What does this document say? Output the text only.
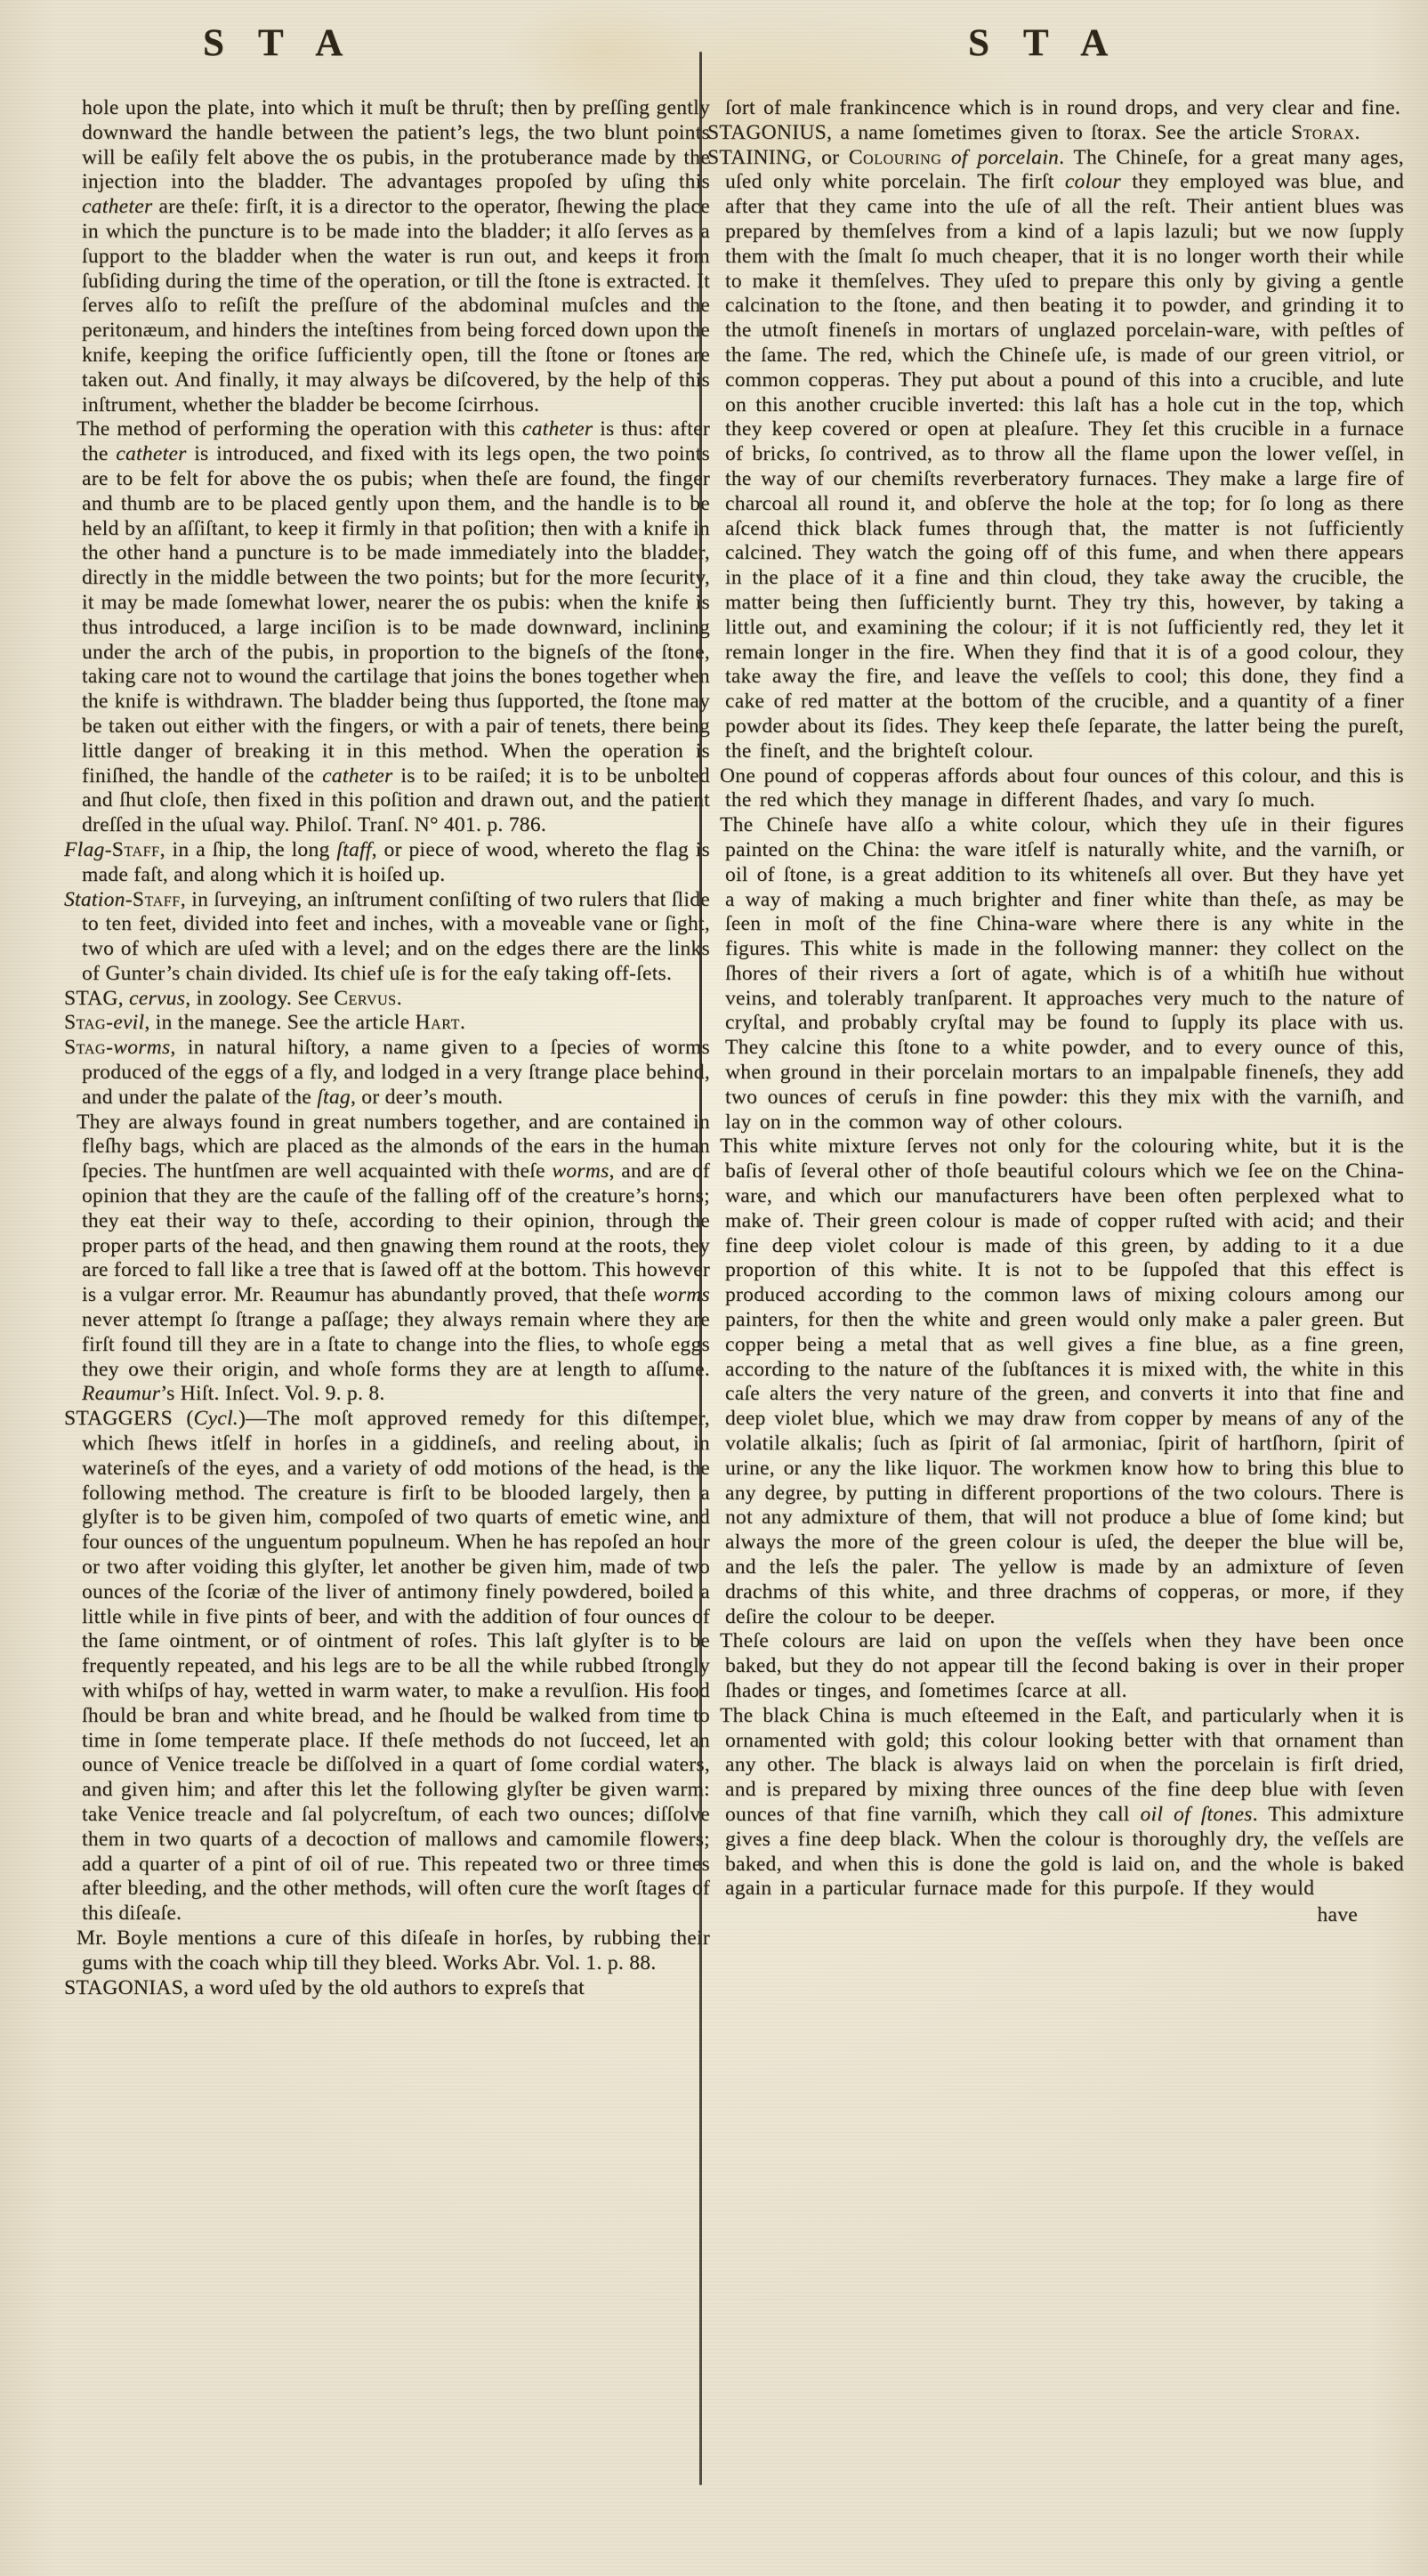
S T A	S T A

hole upon the plate, into which it muſt be thruſt; then by preſſing gently downward the handle between the patient’s legs, the two blunt points will be eaſily felt above the os pubis, in the protuberance made by the injection into the bladder. The advantages propoſed by uſing this catheter are theſe: firſt, it is a director to the operator, ſhewing the place in which the puncture is to be made into the bladder; it alſo ſerves as a ſupport to the bladder when the water is run out, and keeps it from ſubſiding during the time of the operation, or till the ſtone is extracted. It ſerves alſo to reſiſt the preſſure of the abdominal muſcles and the peritonæum, and hinders the inteſtines from being forced down upon the knife, keeping the orifice ſufficiently open, till the ſtone or ſtones are taken out. And finally, it may always be diſcovered, by the help of this inſtrument, whether the bladder be become ſcirrhous.

The method of performing the operation with this catheter is thus: after the catheter is introduced, and fixed with its legs open, the two points are to be felt for above the os pubis; when theſe are found, the finger and thumb are to be placed gently upon them, and the handle is to be held by an aſſiſtant, to keep it firmly in that poſition; then with a knife in the other hand a puncture is to be made immediately into the bladder, directly in the middle between the two points; but for the more ſecurity, it may be made ſomewhat lower, nearer the os pubis: when the knife is thus introduced, a large inciſion is to be made downward, inclining under the arch of the pubis, in proportion to the bigneſs of the ſtone, taking care not to wound the cartilage that joins the bones together when the knife is withdrawn. The bladder being thus ſupported, the ſtone may be taken out either with the fingers, or with a pair of tenets, there being little danger of breaking it in this method. When the operation is finiſhed, the handle of the catheter is to be raiſed; it is to be unbolted and ſhut cloſe, then fixed in this poſition and drawn out, and the patient dreſſed in the uſual way. Philoſ. Tranſ. N° 401. p. 786.

Flag-Staff, in a ſhip, the long ſtaff, or piece of wood, whereto the flag is made faſt, and along which it is hoiſed up.

Station-Staff, in ſurveying, an inſtrument conſiſting of two rulers that ſlide to ten feet, divided into feet and inches, with a moveable vane or ſight, two of which are uſed with a level; and on the edges there are the links of Gunter’s chain divided. Its chief uſe is for the eaſy taking off-ſets.

STAG, cervus, in zoology. See Cervus.

Stag-evil, in the manege. See the article Hart.

Stag-worms, in natural hiſtory, a name given to a ſpecies of worms produced of the eggs of a fly, and lodged in a very ſtrange place behind, and under the palate of the ſtag, or deer’s mouth.

They are always found in great numbers together, and are contained in fleſhy bags, which are placed as the almonds of the ears in the human ſpecies. The huntſmen are well acquainted with theſe worms, and are of opinion that they are the cauſe of the falling off of the creature’s horns; they eat their way to theſe, according to their opinion, through the proper parts of the head, and then gnawing them round at the roots, they are forced to fall like a tree that is ſawed off at the bottom. This however is a vulgar error. Mr. Reaumur has abundantly proved, that theſe worms never attempt ſo ſtrange a paſſage; they always remain where they are firſt found till they are in a ſtate to change into the flies, to whoſe eggs they owe their origin, and whoſe forms they are at length to aſſume. Reaumur’s Hiſt. Inſect. Vol. 9. p. 8.

STAGGERS (Cycl.)—The moſt approved remedy for this diſtemper, which ſhews itſelf in horſes in a giddineſs, and reeling about, in waterineſs of the eyes, and a variety of odd motions of the head, is the following method. The creature is firſt to be blooded largely, then a glyſter is to be given him, compoſed of two quarts of emetic wine, and four ounces of the unguentum populneum. When he has repoſed an hour or two after voiding this glyſter, let another be given him, made of two ounces of the ſcoriæ of the liver of antimony finely powdered, boiled a little while in five pints of beer, and with the addition of four ounces of the ſame ointment, or of ointment of roſes. This laſt glyſter is to be frequently repeated, and his legs are to be all the while rubbed ſtrongly with whiſps of hay, wetted in warm water, to make a revulſion. His food ſhould be bran and white bread, and he ſhould be walked from time to time in ſome temperate place. If theſe methods do not ſucceed, let an ounce of Venice treacle be diſſolved in a quart of ſome cordial waters, and given him; and after this let the following glyſter be given warm: take Venice treacle and ſal polycreſtum, of each two ounces; diſſolve them in two quarts of a decoction of mallows and camomile flowers; add a quarter of a pint of oil of rue. This repeated two or three times after bleeding, and the other methods, will often cure the worſt ſtages of this diſeaſe.

Mr. Boyle mentions a cure of this diſeaſe in horſes, by rubbing their gums with the coach whip till they bleed. Works Abr. Vol. 1. p. 88.

STAGONIAS, a word uſed by the old authors to expreſs that

ſort of male frankincence which is in round drops, and very clear and fine.

STAGONIUS, a name ſometimes given to ſtorax. See the article Storax.

STAINING, or Colouring of porcelain. The Chineſe, for a great many ages, uſed only white porcelain. The firſt colour they employed was blue, and after that they came into the uſe of all the reſt. Their antient blues was prepared by themſelves from a kind of a lapis lazuli; but we now ſupply them with the ſmalt ſo much cheaper, that it is no longer worth their while to make it themſelves. They uſed to prepare this only by giving a gentle calcination to the ſtone, and then beating it to powder, and grinding it to the utmoſt fineneſs in mortars of unglazed porcelain-ware, with peſtles of the ſame. The red, which the Chineſe uſe, is made of our green vitriol, or common copperas. They put about a pound of this into a crucible, and lute on this another crucible inverted: this laſt has a hole cut in the top, which they keep covered or open at pleaſure. They ſet this crucible in a furnace of bricks, ſo contrived, as to throw all the flame upon the lower veſſel, in the way of our chemiſts reverberatory furnaces. They make a large fire of charcoal all round it, and obſerve the hole at the top; for ſo long as there aſcend thick black fumes through that, the matter is not ſufficiently calcined. They watch the going off of this fume, and when there appears in the place of it a fine and thin cloud, they take away the crucible, the matter being then ſufficiently burnt. They try this, however, by taking a little out, and examining the colour; if it is not ſufficiently red, they let it remain longer in the fire. When they find that it is of a good colour, they take away the fire, and leave the veſſels to cool; this done, they find a cake of red matter at the bottom of the crucible, and a quantity of a finer powder about its ſides. They keep theſe ſeparate, the latter being the pureſt, the fineſt, and the brighteſt colour.

One pound of copperas affords about four ounces of this colour, and this is the red which they manage in different ſhades, and vary ſo much.

The Chineſe have alſo a white colour, which they uſe in their figures painted on the China: the ware itſelf is naturally white, and the varniſh, or oil of ſtone, is a great addition to its whiteneſs all over. But they have yet a way of making a much brighter and finer white than theſe, as may be ſeen in moſt of the fine China-ware where there is any white in the figures. This white is made in the following manner: they collect on the ſhores of their rivers a ſort of agate, which is of a whitiſh hue without veins, and tolerably tranſparent. It approaches very much to the nature of cryſtal, and probably cryſtal may be found to ſupply its place with us. They calcine this ſtone to a white powder, and to every ounce of this, when ground in their porcelain mortars to an impalpable fineneſs, they add two ounces of ceruſs in fine powder: this they mix with the varniſh, and lay on in the common way of other colours.

This white mixture ſerves not only for the colouring white, but it is the baſis of ſeveral other of thoſe beautiful colours which we ſee on the China-ware, and which our manufacturers have been often perplexed what to make of. Their green colour is made of copper ruſted with acid; and their fine deep violet colour is made of this green, by adding to it a due proportion of this white. It is not to be ſuppoſed that this effect is produced according to the common laws of mixing colours among our painters, for then the white and green would only make a paler green. But copper being a metal that as well gives a fine blue, as a fine green, according to the nature of the ſubſtances it is mixed with, the white in this caſe alters the very nature of the green, and converts it into that fine and deep violet blue, which we may draw from copper by means of any of the volatile alkalis; ſuch as ſpirit of ſal armoniac, ſpirit of hartſhorn, ſpirit of urine, or any the like liquor. The workmen know how to bring this blue to any degree, by putting in different proportions of the two colours. There is not any admixture of them, that will not produce a blue of ſome kind; but always the more of the green colour is uſed, the deeper the blue will be, and the leſs the paler. The yellow is made by an admixture of ſeven drachms of this white, and three drachms of copperas, or more, if they deſire the colour to be deeper.

Theſe colours are laid on upon the veſſels when they have been once baked, but they do not appear till the ſecond baking is over in their proper ſhades or tinges, and ſometimes ſcarce at all.

The black China is much eſteemed in the Eaſt, and particularly when it is ornamented with gold; this colour looking better with that ornament than any other. The black is always laid on when the porcelain is firſt dried, and is prepared by mixing three ounces of the fine deep blue with ſeven ounces of that fine varniſh, which they call oil of ſtones. This admixture gives a fine deep black. When the colour is thoroughly dry, the veſſels are baked, and when this is done the gold is laid on, and the whole is baked again in a particular furnace made for this purpoſe. If they would

have
